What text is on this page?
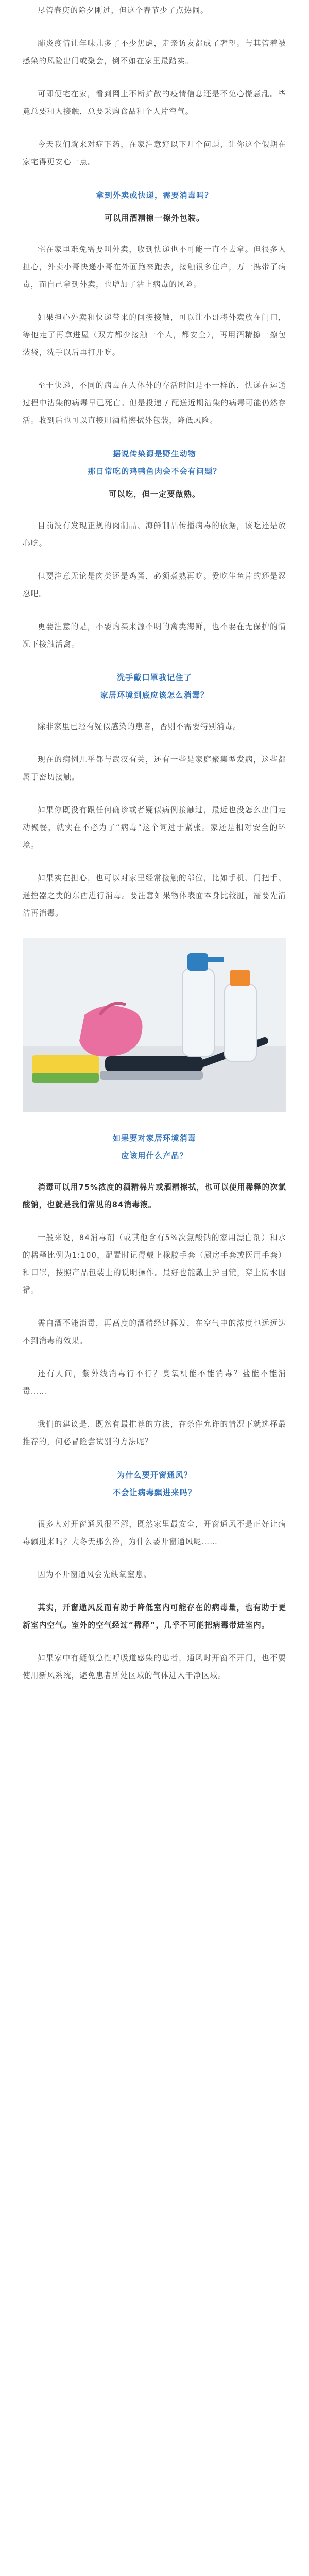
尽管春庆的除夕刚过，但这个春节少了点热闹。

肺炎疫情让年味儿多了不少焦虑，走亲访友都成了奢望。与其管着被感染的风险出门或聚会，倒不如在家里最踏实。

可即便宅在家，看到网上不断扩散的疫情信息还是不免心慌意乱。毕竟总要和人接触，总要采购食品和个人片空气。

今天我们就来对症下药，在家注意好以下几个问题，让你这个假期在家宅得更安心一点。

拿到外卖或快递，需要消毒吗？

可以用酒精擦一擦外包装。

宅在家里难免需要叫外卖，收到快递也不可能一直不去拿。但很多人担心，外卖小哥快递小哥在外面跑来跑去，接触很多住户，万一携带了病毒，而自己拿到外卖，也增加了沾上病毒的风险。

如果担心外卖和快递带来的间接接触，可以让小哥将外卖放在门口，等他走了再拿进屋（双方都少接触一个人，都安全），再用酒精擦一擦包装袋，洗手以后再打开吃。

至于快递，不同的病毒在人体外的存活时间是不一样的，快递在运送过程中沾染的病毒早已死亡。但是投递 / 配送近期沾染的病毒可能仍然存活。收到后也可以直接用酒精擦拭外包装，降低风险。

据说传染源是野生动物

那日常吃的鸡鸭鱼肉会不会有问题？

可以吃，但一定要做熟。

目前没有发现正规的肉制品、海鲜制品传播病毒的依据，该吃还是放心吃。

但要注意无论是肉类还是鸡蛋，必须煮熟再吃。爱吃生鱼片的还是忍忍吧。

更要注意的是，不要购买来源不明的禽类海鲜，也不要在无保护的情况下接触活禽。

洗手戴口罩我记住了

家居环境到底应该怎么消毒？

除非家里已经有疑似感染的患者，否则不需要特别消毒。

现在的病例几乎都与武汉有关，还有一些是家庭聚集型发病，这些都属于密切接触。

如果你既没有跟任何确诊或者疑似病例接触过，最近也没怎么出门走动聚餐，就实在不必为了“病毒”这个词过于紧张。家还是相对安全的环境。

如果实在担心，也可以对家里经常接触的部位，比如手机、门把手、遥控器之类的东西进行消毒。要注意如果物体表面本身比较脏，需要先清洁再消毒。

如果要对家居环境消毒

应该用什么产品？

消毒可以用75%浓度的酒精棉片或酒精擦拭，也可以使用稀释的次氯酸钠，也就是我们常见的84消毒液。

一般来说，84消毒剂（或其他含有5%次氯酸钠的家用漂白剂）和水的稀释比例为1:100，配置时记得戴上橡胶手套（厨房手套或医用手套）和口罩，按照产品包装上的说明操作。最好也能戴上护目镜，穿上防水围裙。

需白酒不能消毒，再高度的酒精经过挥发，在空气中的浓度也远远达不到消毒的效果。

还有人问，紫外线消毒行不行？臭氧机能不能消毒？盐能不能消毒……

我们的建议是，既然有最推荐的方法，在条件允许的情况下就选择最推荐的，何必冒险尝试别的方法呢？

为什么要开窗通风？

不会让病毒飘进来吗？

很多人对开窗通风很不解，既然家里最安全，开窗通风不是正好让病毒飘进来吗？大冬天那么冷，为什么要开窗通风呢……

因为不开窗通风会先缺氧窒息。

其实，开窗通风反而有助于降低室内可能存在的病毒量，也有助于更新室内空气。室外的空气经过“稀释”，几乎不可能把病毒带进室内。

如果家中有疑似急性呼吸道感染的患者，通风时开窗不开门，也不要使用新风系统，避免患者所处区域的气体进入干净区域。
